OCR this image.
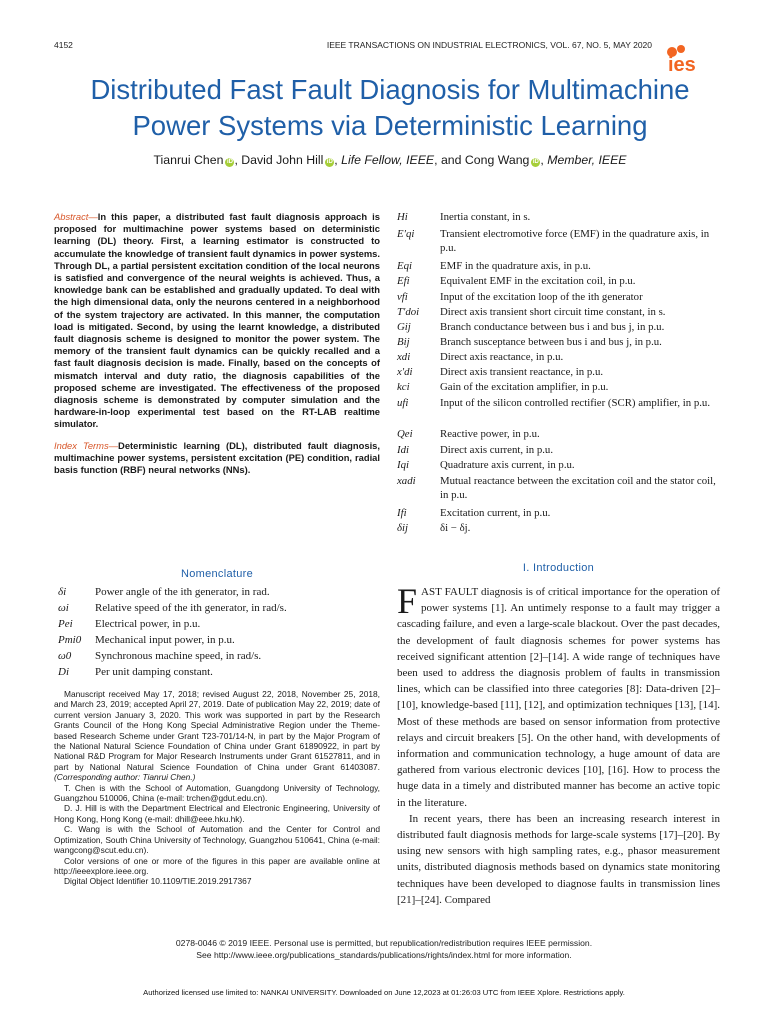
4152	IEEE TRANSACTIONS ON INDUSTRIAL ELECTRONICS, VOL. 67, NO. 5, MAY 2020
ies
Distributed Fast Fault Diagnosis for Multimachine
Power Systems via Deterministic Learning
Tianrui Chen iD , David John Hill iD , Life Fellow, IEEE, and Cong Wang iD , Member, IEEE
Abstract—In this paper, a distributed fast fault diagnosis approach is proposed for multimachine power systems based on deterministic learning (DL) theory. First, a learning estimator is constructed to accumulate the knowledge of transient fault dynamics in power systems. Through DL, a partial persistent excitation condition of the local neurons is satisfied and convergence of the neural weights is achieved. Thus, a knowledge bank can be established and gradually updated. To deal with the high dimensional data, only the neurons centered in a neighborhood of the system trajectory are activated. In this manner, the computation load is mitigated. Second, by using the learnt knowledge, a distributed fault diagnosis scheme is designed to monitor the power system. The memory of the transient fault dynamics can be quickly recalled and a fast fault diagnosis decision is made. Finally, based on the concepts of mismatch interval and duty ratio, the diagnosis capabilities of the proposed scheme are investigated. The effectiveness of the proposed diagnosis scheme is demonstrated by computer simulation and the hardware-in-loop experimental test based on the RT-LAB realtime simulator.
Index Terms—Deterministic learning (DL), distributed fault diagnosis, multimachine power systems, persistent excitation (PE) condition, radial basis function (RBF) neural networks (NNs).
Nomenclature
δi	Power angle of the ith generator, in rad.
ωi	Relative speed of the ith generator, in rad/s.
Pei	Electrical power, in p.u.
Pmi0	Mechanical input power, in p.u.
ω0	Synchronous machine speed, in rad/s.
Di	Per unit damping constant.

Manuscript received May 17, 2018; revised August 22, 2018, November 25, 2018, and March 23, 2019; accepted April 27, 2019. Date of publication May 22, 2019; date of current version January 3, 2020. This work was supported in part by the Research Grants Council of the Hong Kong Special Administrative Region under the Theme-based Research Scheme under Grant T23-701/14-N, in part by the Major Program of the National Natural Science Foundation of China under Grant 61890922, in part by National R&D Program for Major Research Instruments under Grant 61527811, and in part by National Natural Science Foundation of China under Grant 61403087. (Corresponding author: Tianrui Chen.)

T. Chen is with the School of Automation, Guangdong University of Technology, Guangzhou 510006, China (e-mail: trchen@gdut.edu.cn).

D. J. Hill is with the Department Electrical and Electronic Engineering, University of Hong Kong, Hong Kong (e-mail: dhill@eee.hku.hk).

C. Wang is with the School of Automation and the Center for Control and Optimization, South China University of Technology, Guangzhou 510641, China (e-mail: wangcong@scut.edu.cn).

Color versions of one or more of the figures in this paper are available online at http://ieeexplore.ieee.org.

Digital Object Identifier 10.1109/TIE.2019.2917367

Hi	Inertia constant, in s.
E′qi	Transient electromotive force (EMF) in the quadrature axis, in p.u.
Eqi	EMF in the quadrature axis, in p.u.
Efi	Equivalent EMF in the excitation coil, in p.u.
vfi	Input of the excitation loop of the ith generator
T′doi	Direct axis transient short circuit time constant, in s.
Gij	Branch conductance between bus i and bus j, in p.u.
Bij	Branch susceptance between bus i and bus j, in p.u.
xdi	Direct axis reactance, in p.u.
x′di	Direct axis transient reactance, in p.u.
kci	Gain of the excitation amplifier, in p.u.
ufi	Input of the silicon controlled rectifier (SCR) amplifier, in p.u.
Qei	Reactive power, in p.u.
Idi	Direct axis current, in p.u.
Iqi	Quadrature axis current, in p.u.
xadi	Mutual reactance between the excitation coil and the stator coil, in p.u.
Ifi	Excitation current, in p.u.
δij	δi − δj.
I. Introduction

FAST FAULT diagnosis is of critical importance for the operation of power systems [1]. An untimely response to a fault may trigger a cascading failure, and even a large-scale blackout. Over the past decades, the development of fault diagnosis schemes for power systems has received significant attention [2]–[14]. A wide range of techniques have been used to address the diagnosis problem of faults in transmission lines, which can be classified into three categories [8]: Data-driven [2]–[10], knowledge-based [11], [12], and optimization techniques [13], [14]. Most of these methods are based on sensor information from protective relays and circuit breakers [5]. On the other hand, with developments of information and communication technology, a huge amount of data are gathered from various electronic devices [10], [16]. How to process the huge data in a timely and distributed manner has become an active topic in the literature.

In recent years, there has been an increasing research interest in distributed fault diagnosis methods for large-scale systems [17]–[20]. By using new sensors with high sampling rates, e.g., phasor measurement units, distributed diagnosis methods based on dynamics state monitoring techniques have been developed to diagnose faults in transmission lines [21]–[24]. Compared

0278-0046 © 2019 IEEE. Personal use is permitted, but republication/redistribution requires IEEE permission.
See http://www.ieee.org/publications_standards/publications/rights/index.html for more information.
Authorized licensed use limited to: NANKAI UNIVERSITY. Downloaded on June 12,2023 at 01:26:03 UTC from IEEE Xplore. Restrictions apply.
